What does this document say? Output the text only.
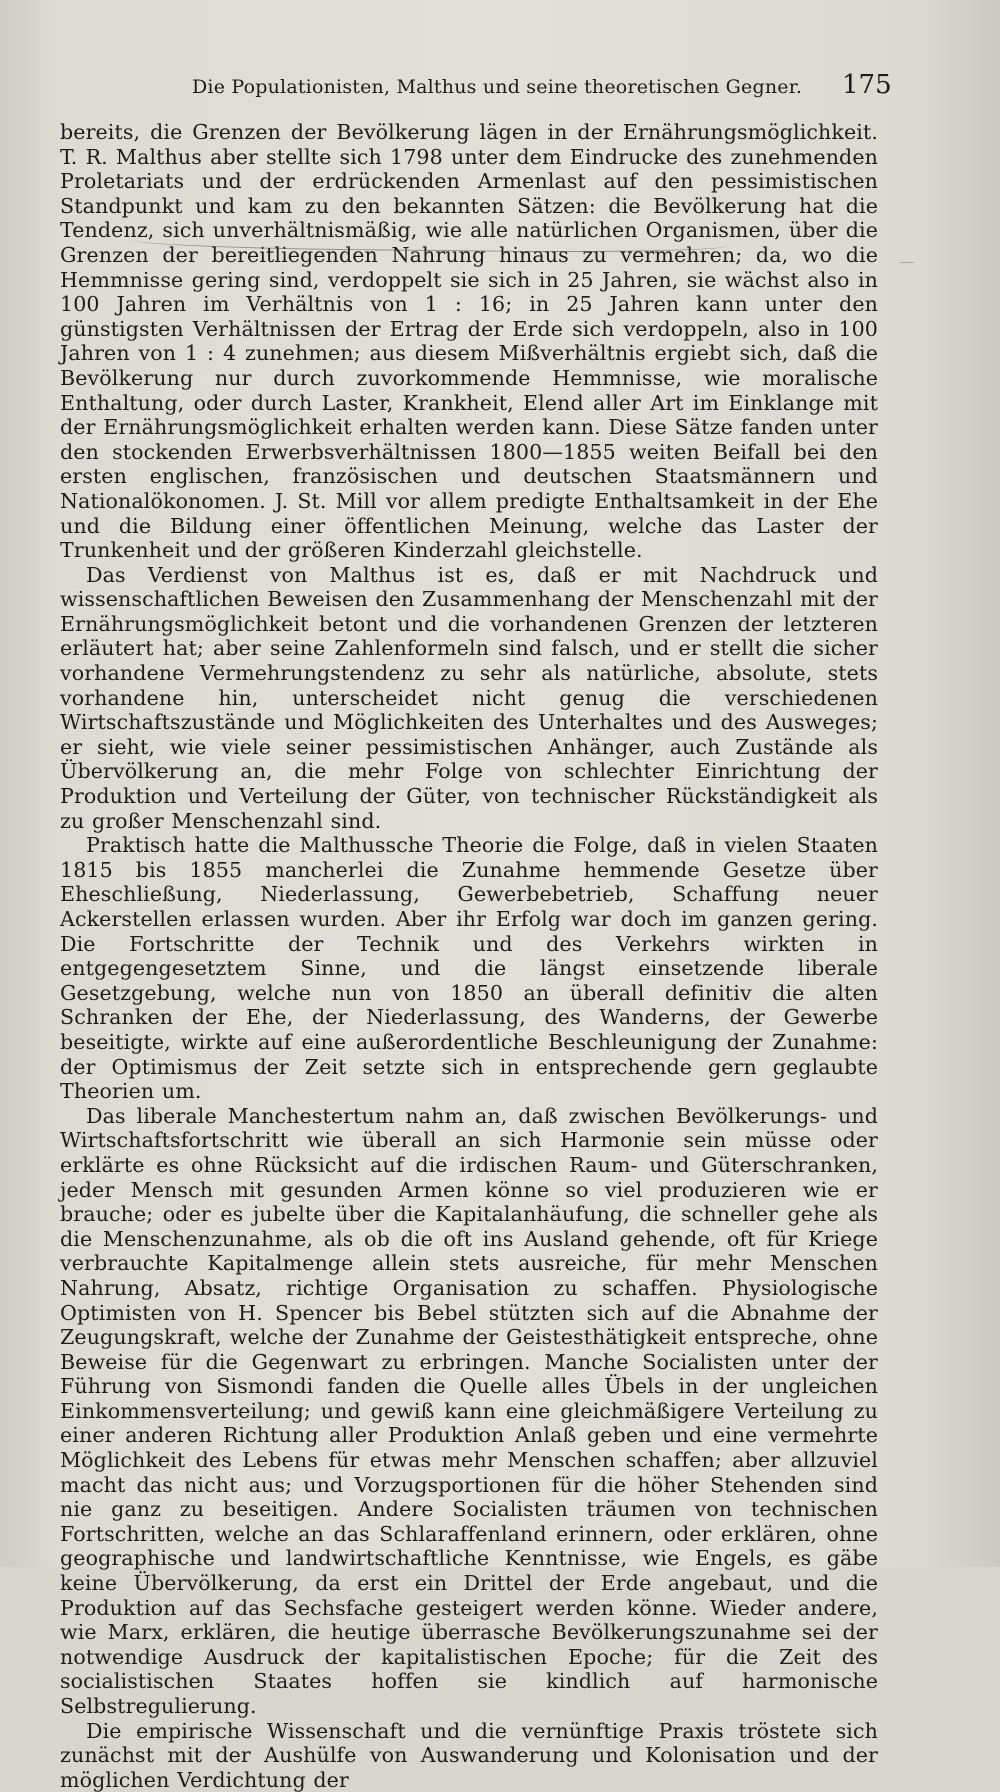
Die Populationisten, Malthus und seine theoretischen Gegner. 175

bereits, die Grenzen der Bevölkerung lägen in der Ernährungsmöglichkeit. T. R. Malthus aber stellte sich 1798 unter dem Eindrucke des zunehmenden Proletariats und der erdrückenden Armenlast auf den pessimistischen Standpunkt und kam zu den bekannten Sätzen: die Bevölkerung hat die Tendenz, sich unverhältnismäßig, wie alle natürlichen Organismen, über die Grenzen der bereitliegenden Nahrung hinaus zu vermehren; da, wo die Hemmnisse gering sind, verdoppelt sie sich in 25 Jahren, sie wächst also in 100 Jahren im Verhältnis von 1 : 16; in 25 Jahren kann unter den günstigsten Verhältnissen der Ertrag der Erde sich verdoppeln, also in 100 Jahren von 1 : 4 zunehmen; aus diesem Mißverhältnis ergiebt sich, daß die Bevölkerung nur durch zuvorkommende Hemmnisse, wie moralische Enthaltung, oder durch Laster, Krankheit, Elend aller Art im Einklange mit der Ernährungsmöglichkeit erhalten werden kann. Diese Sätze fanden unter den stockenden Erwerbsverhältnissen 1800—1855 weiten Beifall bei den ersten englischen, französischen und deutschen Staatsmännern und Nationalökonomen. J. St. Mill vor allem predigte Enthaltsamkeit in der Ehe und die Bildung einer öffentlichen Meinung, welche das Laster der Trunkenheit und der größeren Kinderzahl gleichstelle.

Das Verdienst von Malthus ist es, daß er mit Nachdruck und wissenschaftlichen Beweisen den Zusammenhang der Menschenzahl mit der Ernährungsmöglichkeit betont und die vorhandenen Grenzen der letzteren erläutert hat; aber seine Zahlenformeln sind falsch, und er stellt die sicher vorhandene Vermehrungstendenz zu sehr als natürliche, absolute, stets vorhandene hin, unterscheidet nicht genug die verschiedenen Wirtschaftszustände und Möglichkeiten des Unterhaltes und des Ausweges; er sieht, wie viele seiner pessimistischen Anhänger, auch Zustände als Übervölkerung an, die mehr Folge von schlechter Einrichtung der Produktion und Verteilung der Güter, von technischer Rückständigkeit als zu großer Menschenzahl sind.

Praktisch hatte die Malthussche Theorie die Folge, daß in vielen Staaten 1815 bis 1855 mancherlei die Zunahme hemmende Gesetze über Eheschließung, Niederlassung, Gewerbebetrieb, Schaffung neuer Ackerstellen erlassen wurden. Aber ihr Erfolg war doch im ganzen gering. Die Fortschritte der Technik und des Verkehrs wirkten in entgegengesetztem Sinne, und die längst einsetzende liberale Gesetzgebung, welche nun von 1850 an überall definitiv die alten Schranken der Ehe, der Niederlassung, des Wanderns, der Gewerbe beseitigte, wirkte auf eine außerordentliche Beschleunigung der Zunahme: der Optimismus der Zeit setzte sich in entsprechende gern geglaubte Theorien um.

Das liberale Manchestertum nahm an, daß zwischen Bevölkerungs- und Wirtschaftsfortschritt wie überall an sich Harmonie sein müsse oder erklärte es ohne Rücksicht auf die irdischen Raum- und Güterschranken, jeder Mensch mit gesunden Armen könne so viel produzieren wie er brauche; oder es jubelte über die Kapitalanhäufung, die schneller gehe als die Menschenzunahme, als ob die oft ins Ausland gehende, oft für Kriege verbrauchte Kapitalmenge allein stets ausreiche, für mehr Menschen Nahrung, Absatz, richtige Organisation zu schaffen. Physiologische Optimisten von H. Spencer bis Bebel stützten sich auf die Abnahme der Zeugungskraft, welche der Zunahme der Geistesthätigkeit entspreche, ohne Beweise für die Gegenwart zu erbringen. Manche Socialisten unter der Führung von Sismondi fanden die Quelle alles Übels in der ungleichen Einkommensverteilung; und gewiß kann eine gleichmäßigere Verteilung zu einer anderen Richtung aller Produktion Anlaß geben und eine vermehrte Möglichkeit des Lebens für etwas mehr Menschen schaffen; aber allzuviel macht das nicht aus; und Vorzugsportionen für die höher Stehenden sind nie ganz zu beseitigen. Andere Socialisten träumen von technischen Fortschritten, welche an das Schlaraffenland erinnern, oder erklären, ohne geographische und landwirtschaftliche Kenntnisse, wie Engels, es gäbe keine Übervölkerung, da erst ein Drittel der Erde angebaut, und die Produktion auf das Sechsfache gesteigert werden könne. Wieder andere, wie Marx, erklären, die heutige überrasche Bevölkerungszunahme sei der notwendige Ausdruck der kapitalistischen Epoche; für die Zeit des socialistischen Staates hoffen sie kindlich auf harmonische Selbstregulierung.

Die empirische Wissenschaft und die vernünftige Praxis tröstete sich zunächst mit der Aushülfe von Auswanderung und Kolonisation und der möglichen Verdichtung der
